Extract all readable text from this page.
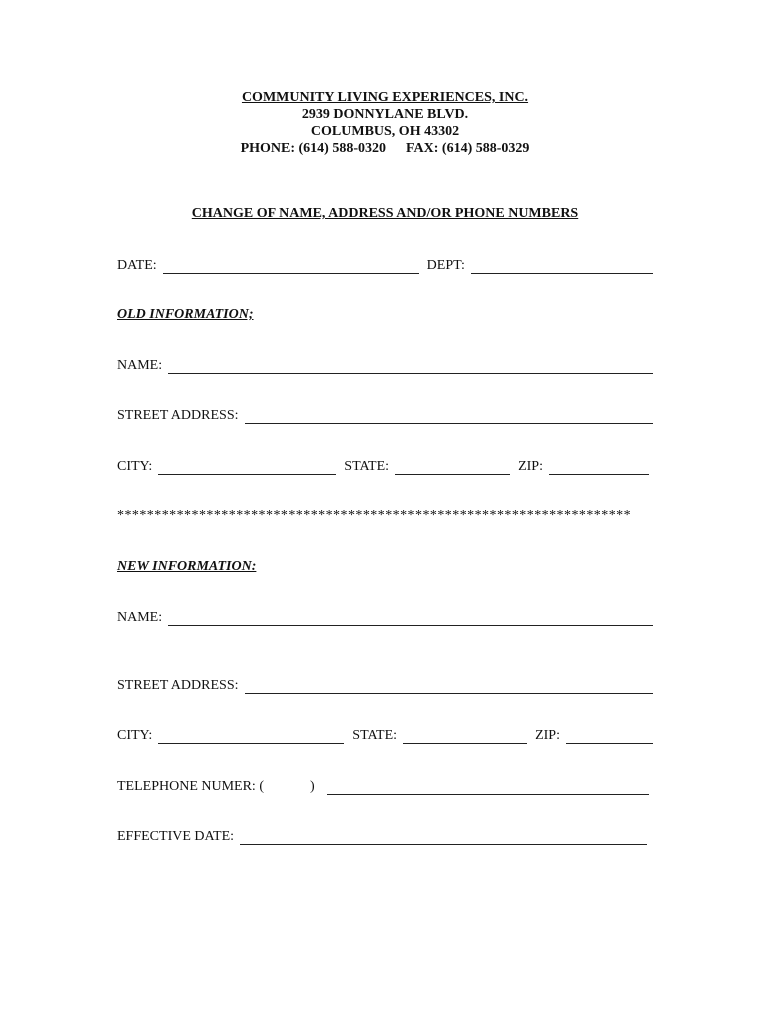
COMMUNITY LIVING EXPERIENCES, INC.
2939 DONNYLANE BLVD.
COLUMBUS, OH 43302
PHONE: (614) 588-0320 FAX: (614) 588-0329
CHANGE OF NAME, ADDRESS AND/OR PHONE NUMBERS
DATE:	DEPT:
OLD INFORMATION;
NAME:
STREET ADDRESS:
CITY:	STATE:	ZIP:
*********************************************************************
NEW INFORMATION:
NAME:
STREET ADDRESS:
CITY:	STATE:	ZIP:
TELEPHONE NUMER: (	)
EFFECTIVE DATE:
